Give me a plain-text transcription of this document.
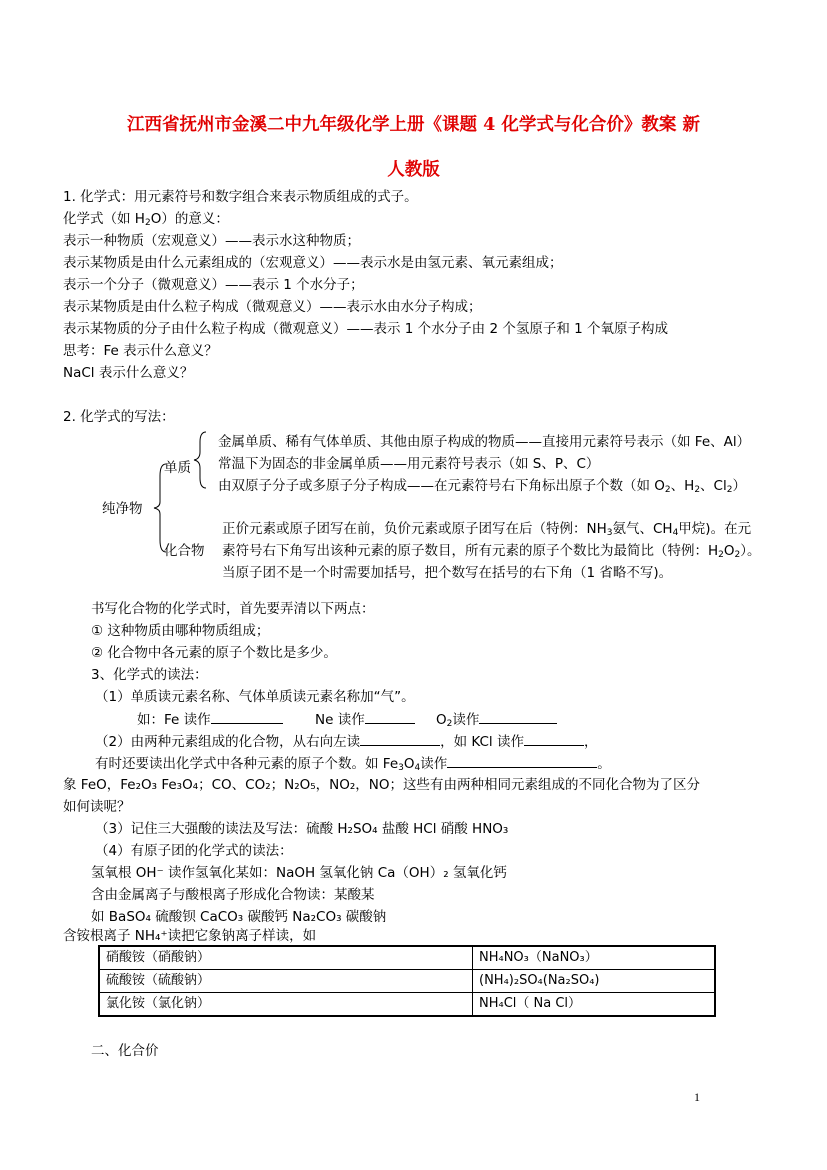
江西省抚州市金溪二中九年级化学上册《课题 4 化学式与化合价》教案 新
人教版
1. 化学式：用元素符号和数字组合来表示物质组成的式子。
化学式（如 $H_2O$）的意义：
表示一种物质（宏观意义）——表示水这种物质；
表示某物质是由什么元素组成的（宏观意义）——表示水是由氢元素、氧元素组成；
表示一个分子（微观意义）——表示 1 个水分子；
表示某物质是由什么粒子构成（微观意义）——表示水由水分子构成；
表示某物质的分子由什么粒子构成（微观意义）——表示 1 个水分子由 2 个氢原子和 1 个氧原子构成
思考：Fe 表示什么意义？
NaCl 表示什么意义？
2. 化学式的写法：
纯净物
单质
化合物
金属单质、稀有气体单质、其他由原子构成的物质——直接用元素符号表示（如 Fe、Al）
常温下为固态的非金属单质——用元素符号表示（如 S、P、C）
由双原子分子或多原子分子构成——在元素符号右下角标出原子个数（如 $O_2$、$H_2$、$Cl_2$）
正价元素或原子团写在前，负价元素或原子团写在后（特例：$NH_3$氨气、$CH_4$甲烷)。在元
素符号右下角写出该种元素的原子数目，所有元素的原子个数比为最简比（特例：$H_2O_2$）。
当原子团不是一个时需要加括号，把个数写在括号的右下角（1 省略不写)。
书写化合物的化学式时，首先要弄清以下两点：
① 这种物质由哪种物质组成；
② 化合物中各元素的原子个数比是多少。
3、化学式的读法：
（1）单质读元素名称、气体单质读元素名称加“气”。
如：Fe 读作	Ne 读作	$O_2$读作
（2）由两种元素组成的化合物，从右向左读	，如 KCl 读作	，
有时还要读出化学式中各种元素的原子个数。如 $Fe_3O_4$读作	。
象 FeO，Fe₂O₃ Fe₃O₄；CO、CO₂；N₂O₅，NO₂，NO；这些有由两种相同元素组成的不同化合物为了区分
如何读呢？
（3）记住三大强酸的读法及写法：硫酸 H₂SO₄ 盐酸 HCl 硝酸 HNO₃
（4）有原子团的化学式的读法：
氢氧根 OH⁻ 读作氢氧化某如：NaOH 氢氧化钠 Ca（OH）₂ 氢氧化钙
含由金属离子与酸根离子形成化合物读：某酸某
如 BaSO₄ 硫酸钡 CaCO₃ 碳酸钙 Na₂CO₃ 碳酸钠
含铵根离子 NH₄⁺读把它象钠离子样读，如
硝酸铵（硝酸钠）	NH₄NO₃（NaNO₃）
硫酸铵（硫酸钠）	(NH₄)₂SO₄(Na₂SO₄)
氯化铵（氯化钠）	NH₄Cl（ Na Cl）
二、化合价
1
